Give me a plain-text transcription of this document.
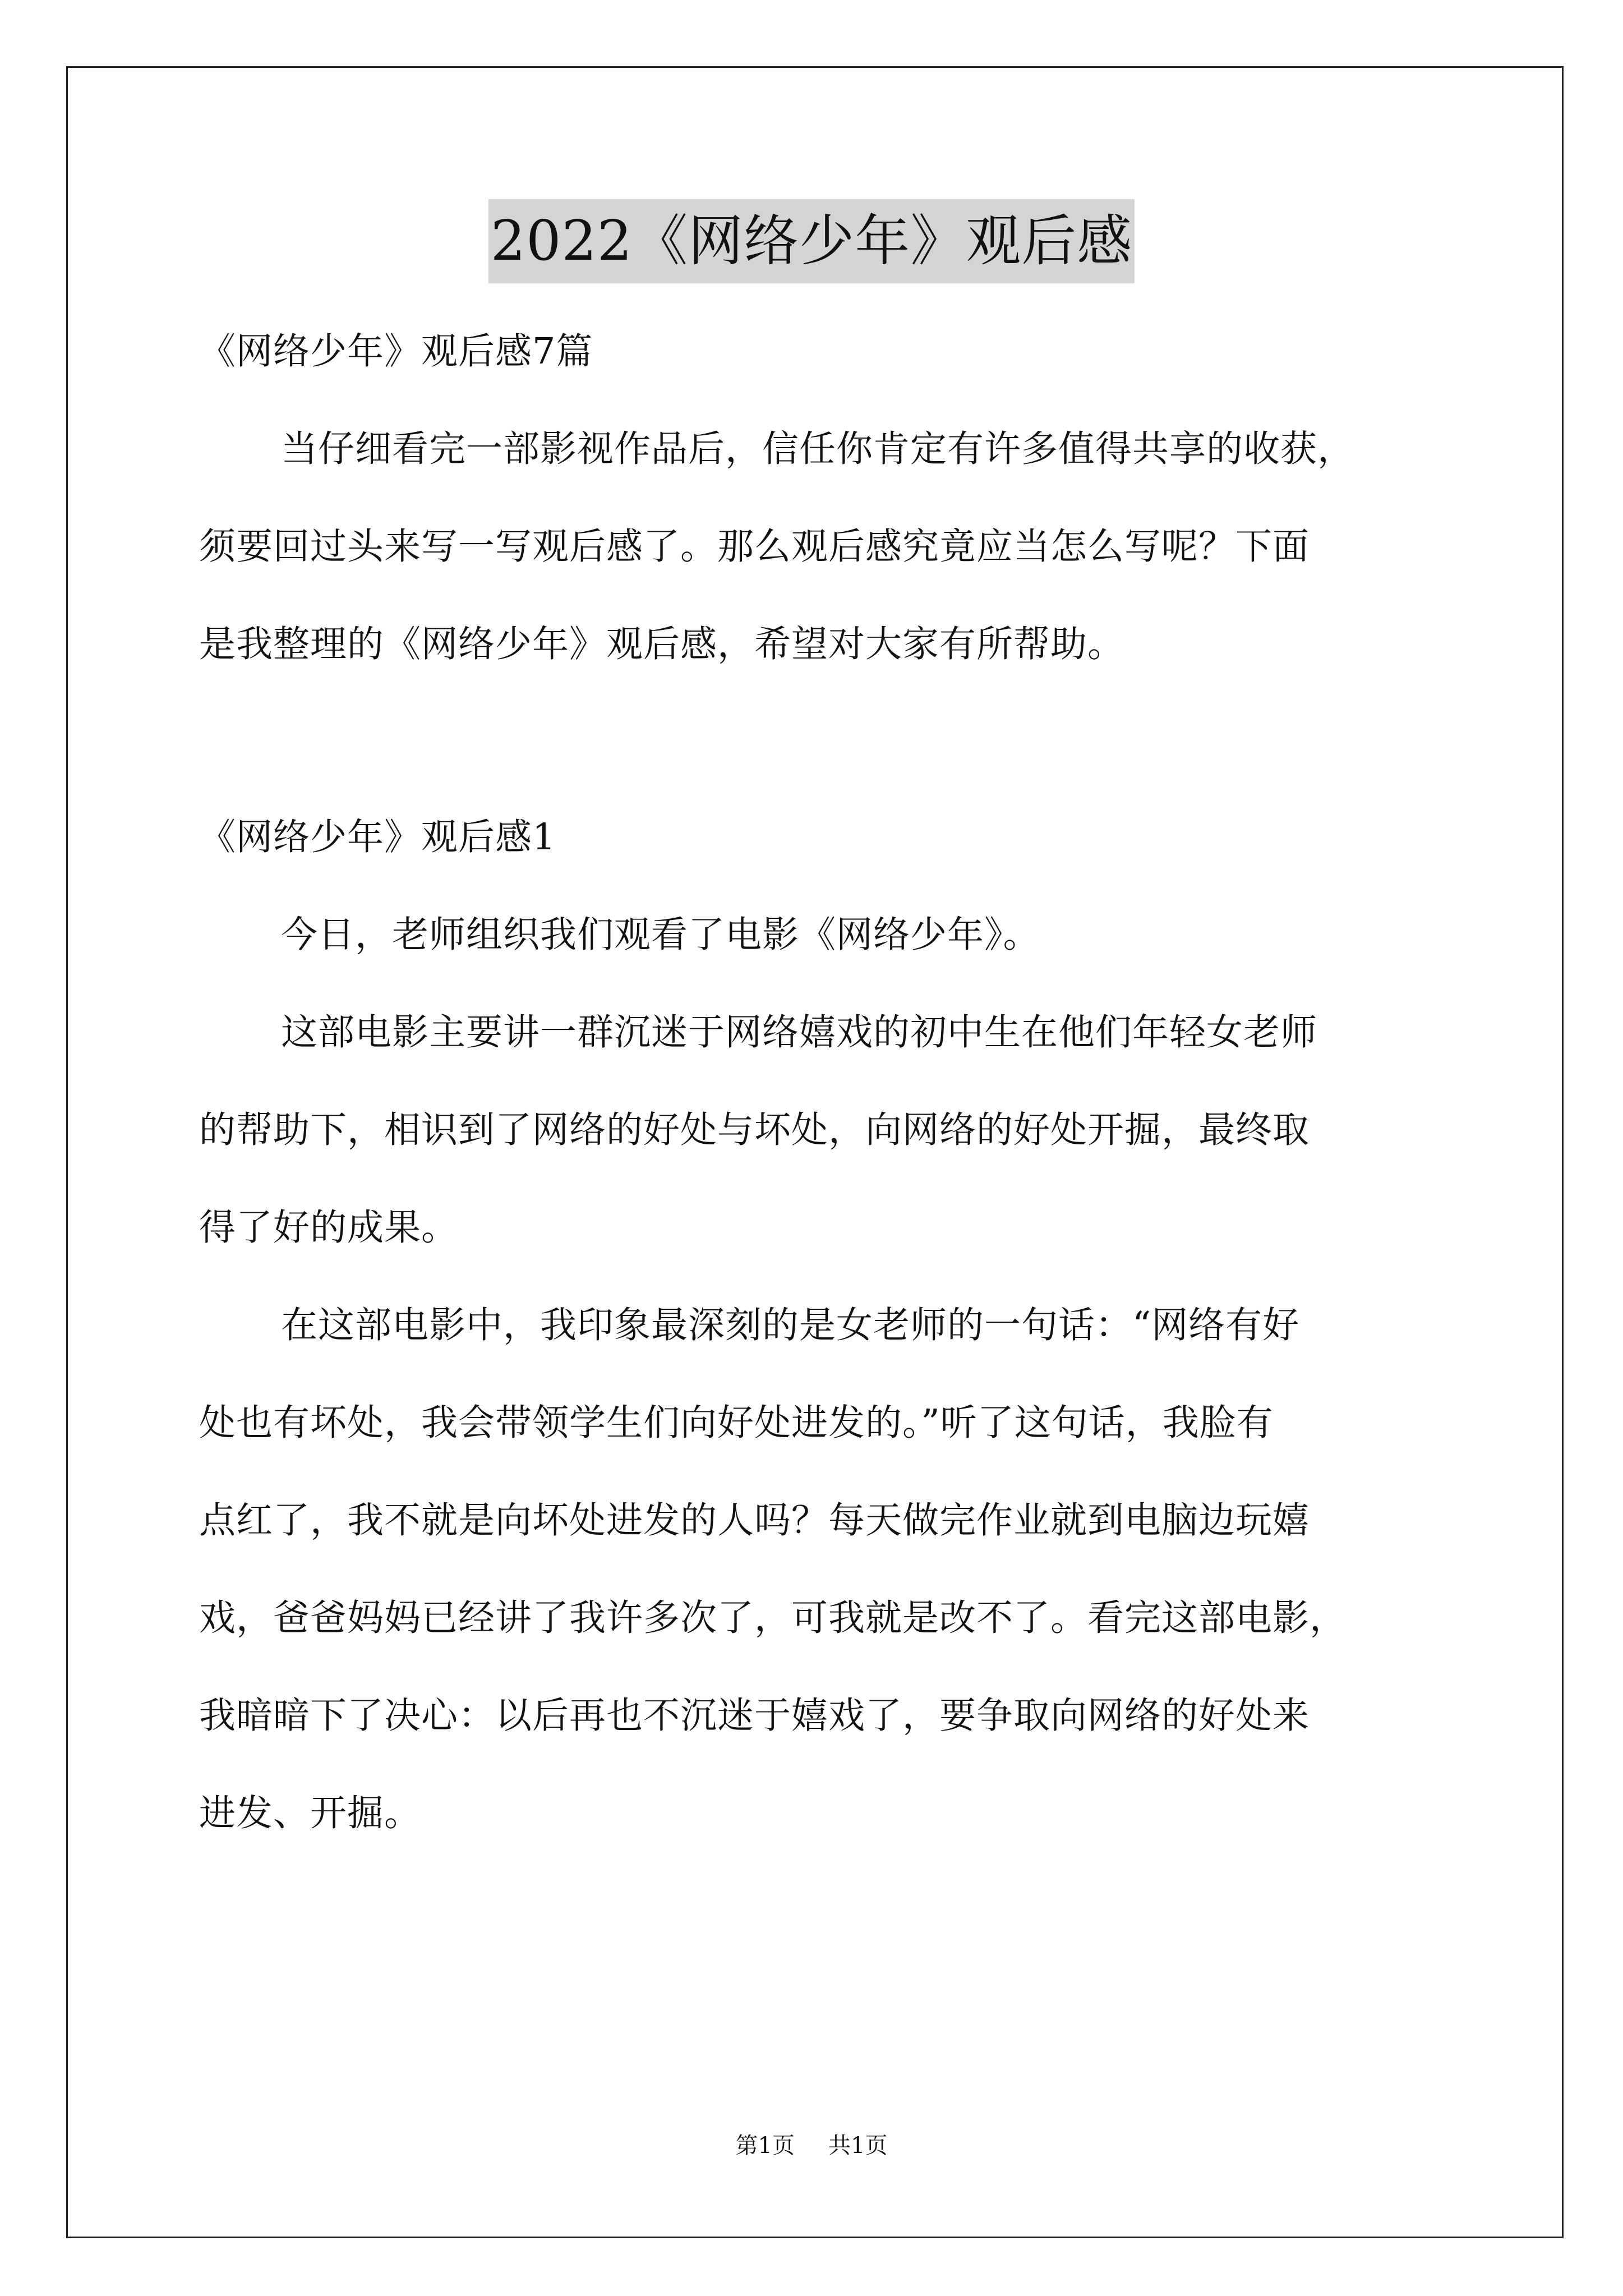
2022《网络少年》观后感
《网络少年》观后感7篇
当仔细看完一部影视作品后，信任你肯定有许多值得共享的收获，
须要回过头来写一写观后感了。那么观后感究竟应当怎么写呢？下面
是我整理的《网络少年》观后感，希望对大家有所帮助。
《网络少年》观后感1
今日，老师组织我们观看了电影《网络少年》。
这部电影主要讲一群沉迷于网络嬉戏的初中生在他们年轻女老师
的帮助下，相识到了网络的好处与坏处，向网络的好处开掘，最终取
得了好的成果。
在这部电影中，我印象最深刻的是女老师的一句话：“网络有好
处也有坏处，我会带领学生们向好处进发的。”听了这句话，我脸有
点红了，我不就是向坏处进发的人吗？每天做完作业就到电脑边玩嬉
戏，爸爸妈妈已经讲了我许多次了，可我就是改不了。看完这部电影，
我暗暗下了决心：以后再也不沉迷于嬉戏了，要争取向网络的好处来
进发、开掘。
第1页 共1页
